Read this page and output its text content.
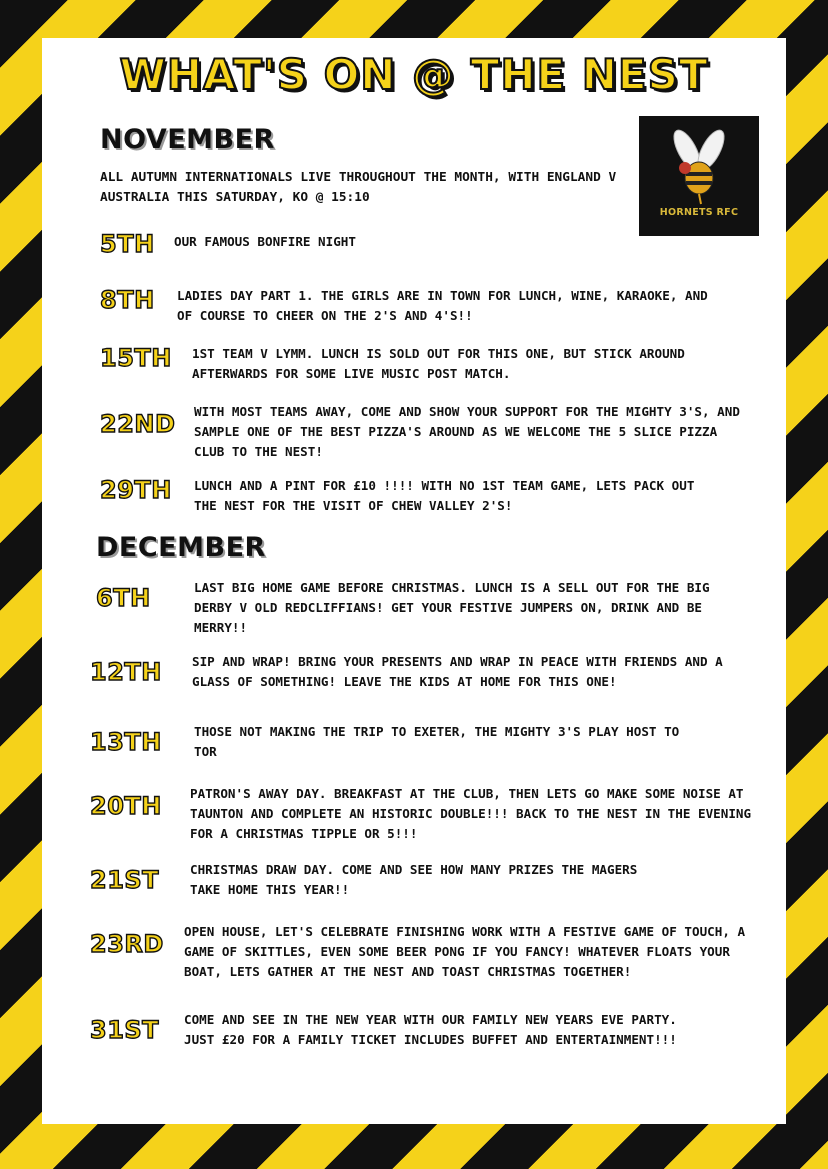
WHAT'S ON @ THE NEST
HORNETS RFC
NOVEMBER
ALL AUTUMN INTERNATIONALS LIVE THROUGHOUT THE MONTH, WITH ENGLAND V AUSTRALIA THIS SATURDAY, KO @ 15:10
5TH OUR FAMOUS BONFIRE NIGHT
8TH LADIES DAY PART 1. THE GIRLS ARE IN TOWN FOR LUNCH, WINE, KARAOKE, AND OF COURSE TO CHEER ON THE 2'S AND 4'S!!
15TH 1ST TEAM V LYMM. LUNCH IS SOLD OUT FOR THIS ONE, BUT STICK AROUND AFTERWARDS FOR SOME LIVE MUSIC POST MATCH.
22ND WITH MOST TEAMS AWAY, COME AND SHOW YOUR SUPPORT FOR THE MIGHTY 3'S, AND SAMPLE ONE OF THE BEST PIZZA'S AROUND AS WE WELCOME THE 5 SLICE PIZZA CLUB TO THE NEST!
29TH LUNCH AND A PINT FOR £10 !!!! WITH NO 1ST TEAM GAME, LETS PACK OUT THE NEST FOR THE VISIT OF CHEW VALLEY 2'S!
DECEMBER
6TH	LAST BIG HOME GAME BEFORE CHRISTMAS. LUNCH IS A SELL OUT FOR THE BIG DERBY V OLD REDCLIFFIANS! GET YOUR FESTIVE JUMPERS ON, DRINK AND BE MERRY!!
12TH SIP AND WRAP! BRING YOUR PRESENTS AND WRAP IN PEACE WITH FRIENDS AND A GLASS OF SOMETHING! LEAVE THE KIDS AT HOME FOR THIS ONE!
13TH	THOSE NOT MAKING THE TRIP TO EXETER, THE MIGHTY 3'S PLAY HOST TO TOR
20TH PATRON'S AWAY DAY. BREAKFAST AT THE CLUB, THEN LETS GO MAKE SOME NOISE AT TAUNTON AND COMPLETE AN HISTORIC DOUBLE!!! BACK TO THE NEST IN THE EVENING FOR A CHRISTMAS TIPPLE OR 5!!!
21ST CHRISTMAS DRAW DAY. COME AND SEE HOW MANY PRIZES THE MAGERS TAKE HOME THIS YEAR!!
23RD OPEN HOUSE, LET'S CELEBRATE FINISHING WORK WITH A FESTIVE GAME OF TOUCH, A GAME OF SKITTLES, EVEN SOME BEER PONG IF YOU FANCY! WHATEVER FLOATS YOUR BOAT, LETS GATHER AT THE NEST AND TOAST CHRISTMAS TOGETHER!
31ST COME AND SEE IN THE NEW YEAR WITH OUR FAMILY NEW YEARS EVE PARTY. JUST £20 FOR A FAMILY TICKET INCLUDES BUFFET AND ENTERTAINMENT!!!
